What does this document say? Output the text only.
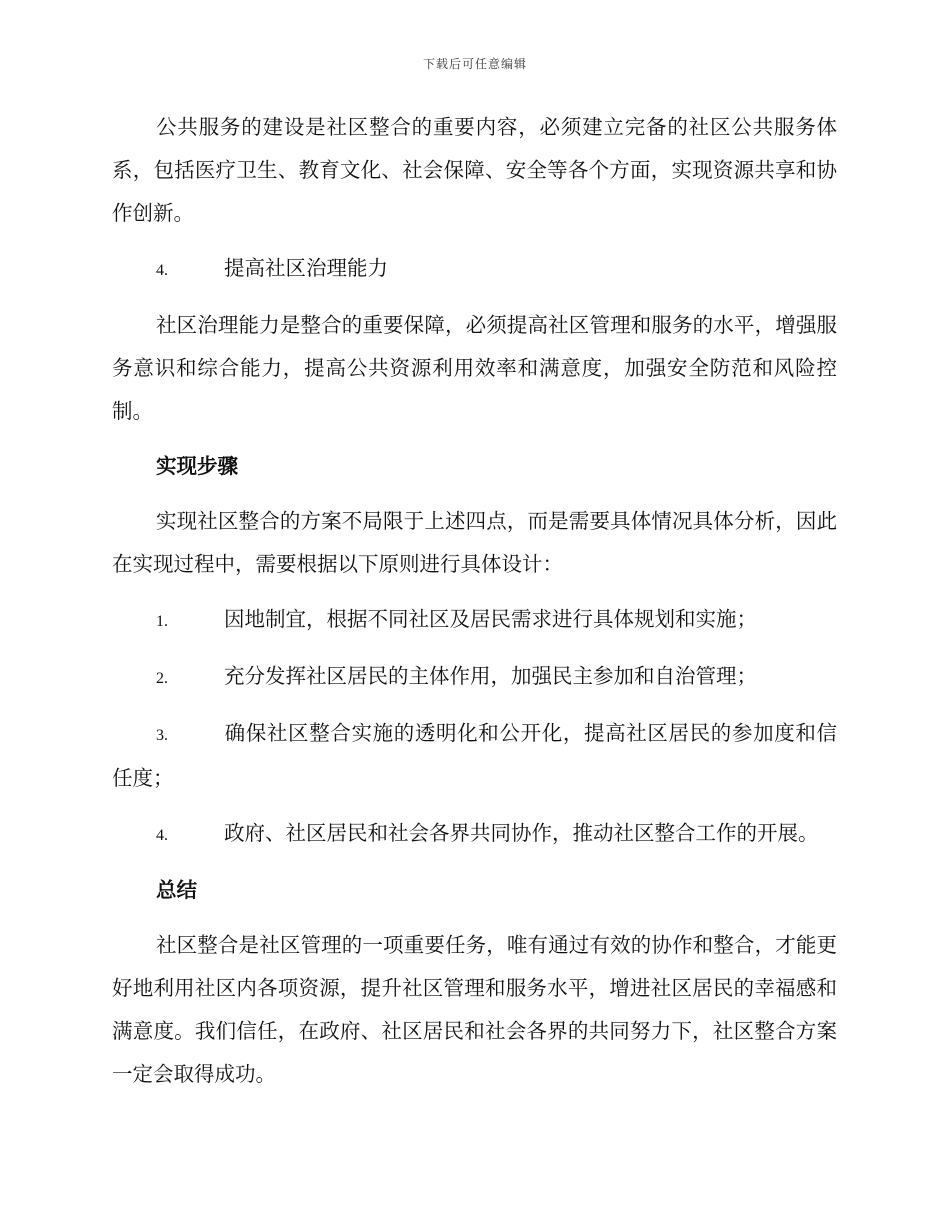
下载后可任意编辑

公共服务的建设是社区整合的重要内容，必须建立完备的社区公共服务体系，包括医疗卫生、教育文化、社会保障、安全等各个方面，实现资源共享和协作创新。

4.	提高社区治理能力

社区治理能力是整合的重要保障，必须提高社区管理和服务的水平，增强服务意识和综合能力，提高公共资源利用效率和满意度，加强安全防范和风险控制。

实现步骤

实现社区整合的方案不局限于上述四点，而是需要具体情况具体分析，因此在实现过程中，需要根据以下原则进行具体设计：

1.	因地制宜，根据不同社区及居民需求进行具体规划和实施；

2.	充分发挥社区居民的主体作用，加强民主参加和自治管理；

3.	确保社区整合实施的透明化和公开化，提高社区居民的参加度和信任度；

4.	政府、社区居民和社会各界共同协作，推动社区整合工作的开展。

总结

社区整合是社区管理的一项重要任务，唯有通过有效的协作和整合，才能更好地利用社区内各项资源，提升社区管理和服务水平，增进社区居民的幸福感和满意度。我们信任，在政府、社区居民和社会各界的共同努力下，社区整合方案一定会取得成功。
